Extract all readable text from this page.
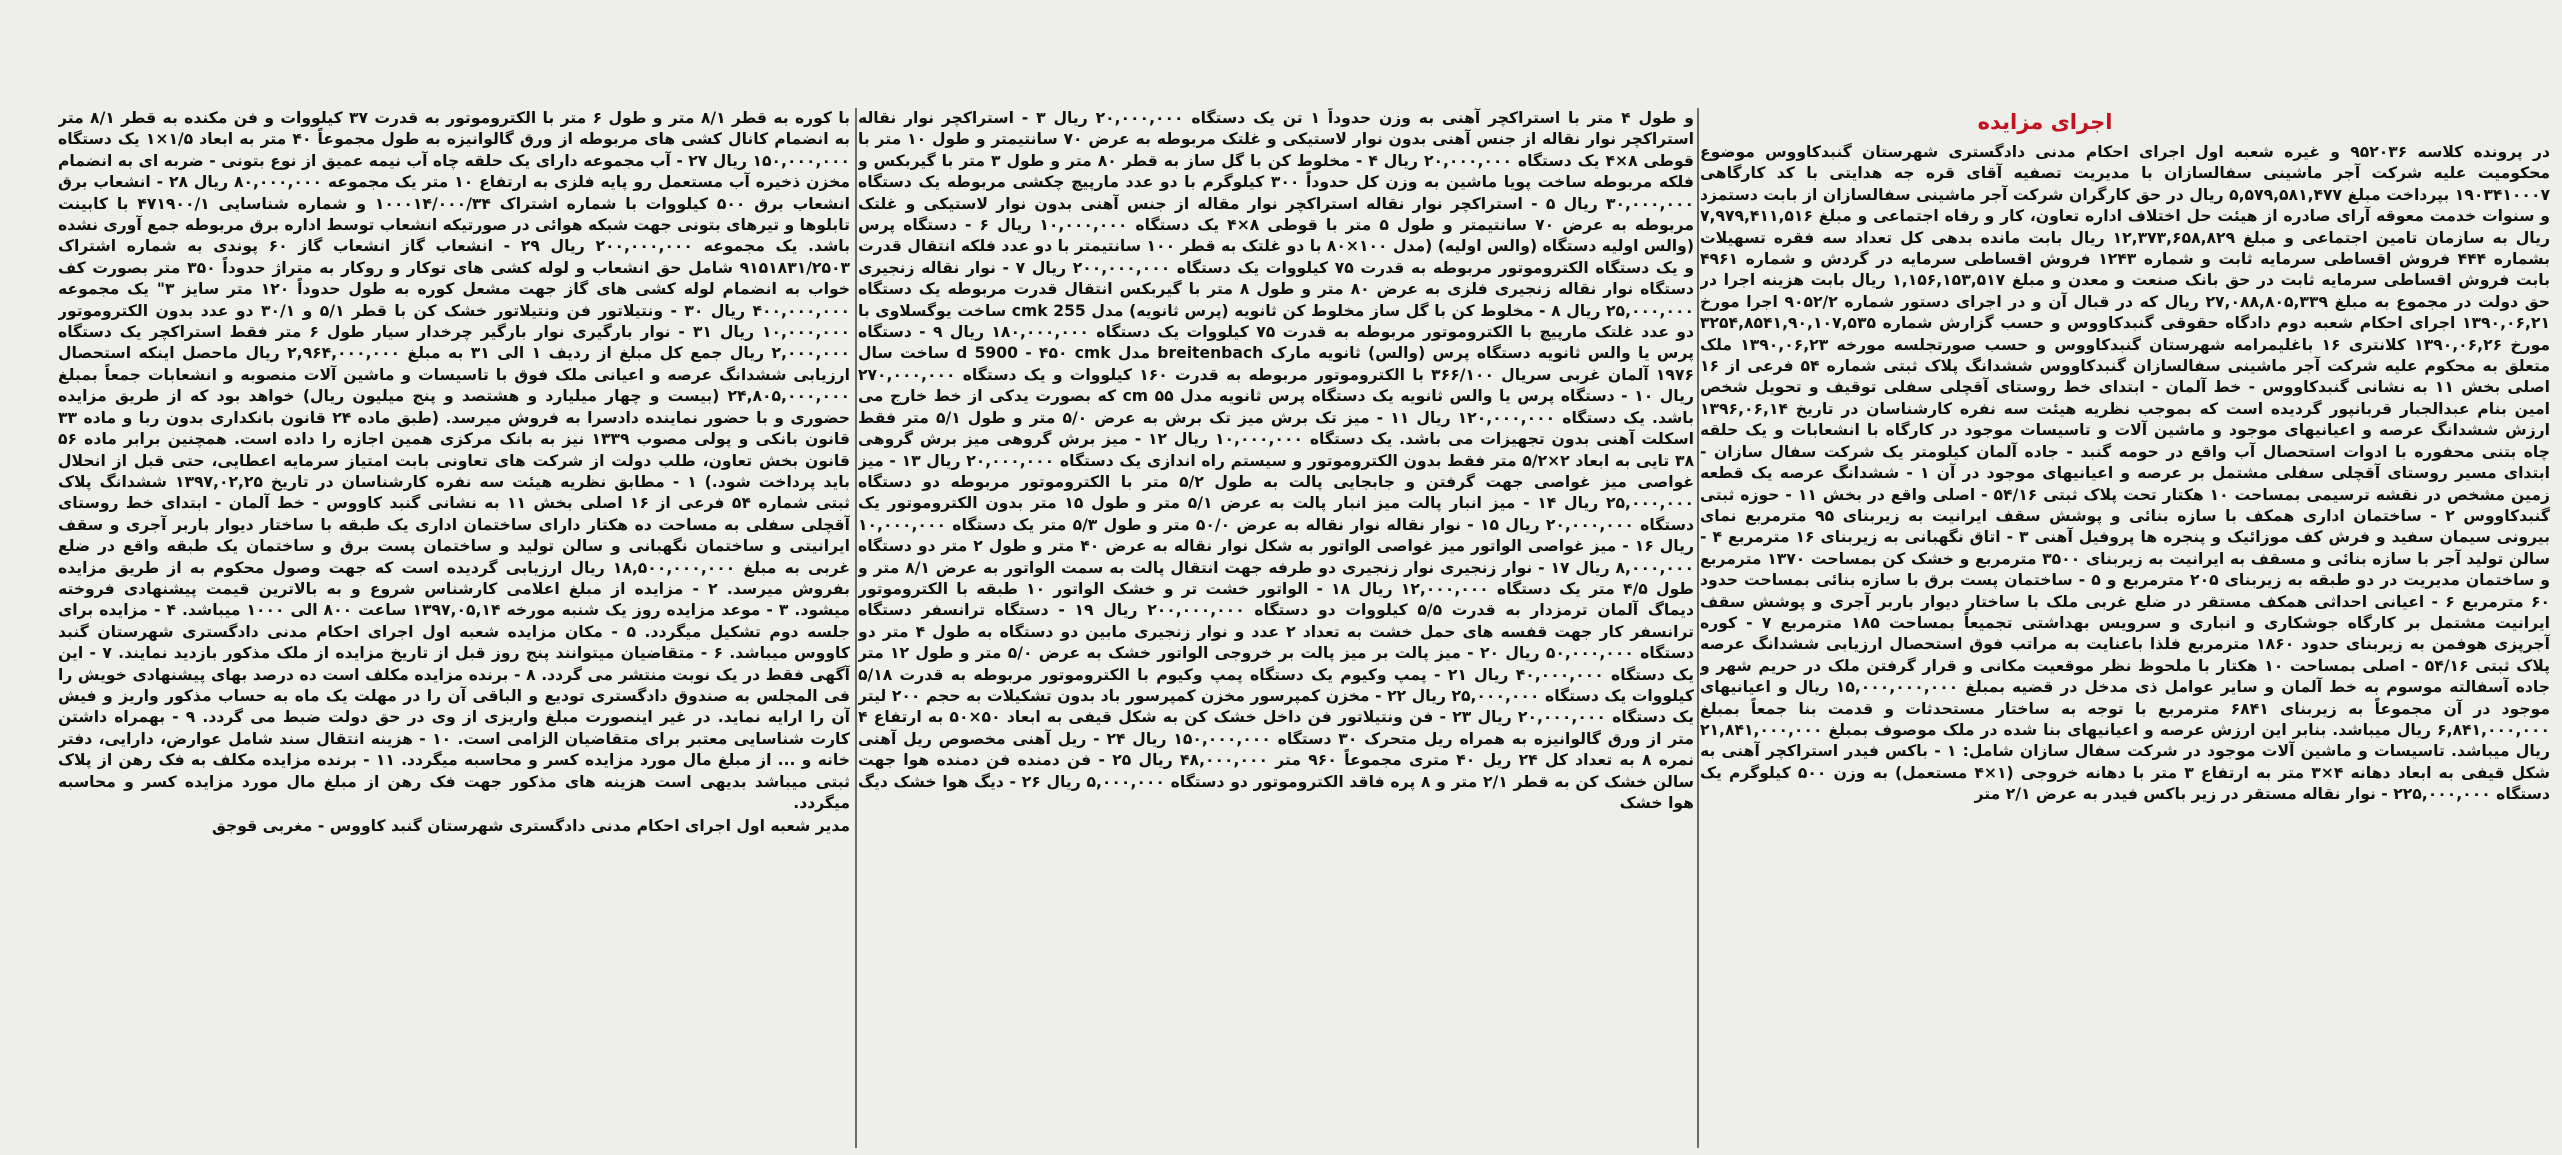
اجرای مزایده
در پرونده کلاسه ۹۵۲۰۳۶ و غیره شعبه اول اجرای احکام مدنی دادگستری شهرستان گنبدکاووس موضوع محکومیت علیه شرکت آجر ماشینی سفالسازان با مدیریت تصفیه آقای قره جه هدایتی با کد کارگاهی ۱۹۰۳۴۱۰۰۰۷ بپرداخت مبلغ ۵,۵۷۹,۵۸۱,۴۷۷ ریال در حق کارگران شرکت آجر ماشینی سفالسازان از بابت دستمزد و سنوات خدمت معوقه آرای صادره از هیئت حل اختلاف اداره تعاون، کار و رفاه اجتماعی و مبلغ ۷,۹۷۹,۴۱۱,۵۱۶ ریال به سازمان تامین اجتماعی و مبلغ ۱۲,۳۷۳,۶۵۸,۸۲۹ ریال بابت مانده بدهی کل تعداد سه فقره تسهیلات بشماره ۴۴۴ فروش اقساطی سرمایه ثابت و شماره ۱۲۴۳ فروش اقساطی سرمایه در گردش و شماره ۴۹۶۱ بابت فروش اقساطی سرمایه ثابت در حق بانک صنعت و معدن و مبلغ ۱,۱۵۶,۱۵۳,۵۱۷ ریال بابت هزینه اجرا در حق دولت در مجموع به مبلغ ۲۷,۰۸۸,۸۰۵,۳۳۹ ریال که در قبال آن و در اجرای دستور شماره ۹۰۵۲/۲ اجرا مورخ ۱۳۹۰,۰۶,۲۱ اجرای احکام شعبه دوم دادگاه حقوقی گنبدکاووس و حسب گزارش شماره ۳۲۵۴,۸۵۴۱,۹۰,۱۰۷,۵۳۵ مورخ ۱۳۹۰,۰۶,۲۶ کلانتری ۱۶ باغلیمرامه شهرستان گنبدکاووس و حسب صورتجلسه مورخه ۱۳۹۰,۰۶,۲۳ ملک متعلق به محکوم علیه شرکت آجر ماشینی سفالسازان گنبدکاووس ششدانگ پلاک ثبتی شماره ۵۴ فرعی از ۱۶ اصلی بخش ۱۱ به نشانی گنبدکاووس - خط آلمان - ابتدای خط روستای آقچلی سفلی توقیف و تحویل شخص امین بنام عبدالجبار قربانپور گردیده است که بموجب نظریه هیئت سه نفره کارشناسان در تاریخ ۱۳۹۶,۰۶,۱۴ ارزش ششدانگ عرصه و اعیانیهای موجود و ماشین آلات و تاسیسات موجود در کارگاه با انشعابات و یک حلقه چاه بتنی محفوره با ادوات استحصال آب واقع در حومه گنبد - جاده آلمان کیلومتر یک شرکت سفال سازان - ابتدای مسیر روستای آقچلی سفلی مشتمل بر عرصه و اعیانیهای موجود در آن ۱ - ششدانگ عرصه یک قطعه زمین مشخص در نقشه ترسیمی بمساحت ۱۰ هکتار تحت پلاک ثبتی ۵۴/۱۶ - اصلی واقع در بخش ۱۱ - حوزه ثبتی گنبدکاووس ۲ - ساختمان اداری همکف با سازه بنائی و پوشش سقف ایرانیت به زیربنای ۹۵ مترمربع نمای بیرونی سیمان سفید و فرش کف موزائیک و پنجره ها پروفیل آهنی ۳ - اتاق نگهبانی به زیربنای ۱۶ مترمربع ۴ - سالن تولید آجر با سازه بنائی و مسقف به ایرانیت به زیربنای ۳۵۰۰ مترمربع و خشک کن بمساحت ۱۳۷۰ مترمربع و ساختمان مدیریت در دو طبقه به زیربنای ۲۰۵ مترمربع و ۵ - ساختمان پست برق با سازه بنائی بمساحت حدود ۶۰ مترمربع ۶ - اعیانی احداثی همکف مستقر در ضلع غربی ملک با ساختار دیوار باربر آجری و پوشش سقف ایرانیت مشتمل بر کارگاه جوشکاری و انباری و سرویس بهداشتی تجمیعاً بمساحت ۱۸۵ مترمربع ۷ - کوره آجرپزی هوفمن به زیربنای حدود ۱۸۶۰ مترمربع فلذا باعنایت به مراتب فوق استحصال ارزیابی ششدانگ عرصه پلاک ثبتی ۵۴/۱۶ - اصلی بمساحت ۱۰ هکتار با ملحوظ نظر موقعیت مکانی و قرار گرفتن ملک در حریم شهر و جاده آسفالته موسوم به خط آلمان و سایر عوامل ذی مدخل در قضیه بمبلغ ۱۵,۰۰۰,۰۰۰,۰۰۰ ریال و اعیانیهای موجود در آن مجموعاً به زیربنای ۶۸۴۱ مترمربع با توجه به ساختار مستحدثات و قدمت بنا جمعاً بمبلغ ۶,۸۴۱,۰۰۰,۰۰۰ ریال میباشد. بنابر این ارزش عرصه و اعیانیهای بنا شده در ملک موصوف بمبلغ ۲۱,۸۴۱,۰۰۰,۰۰۰ ریال میباشد. تاسیسات و ماشین آلات موجود در شرکت سفال سازان شامل: ۱ - باکس فیدر استراکچر آهنی به شکل قیفی به ابعاد دهانه ۴×۳ متر به ارتفاع ۳ متر با دهانه خروجی (۱×۴ مستعمل) به وزن ۵۰۰ کیلوگرم یک دستگاه ۲۲۵,۰۰۰,۰۰۰ - نوار نقاله مستقر در زیر باکس فیدر به عرض ۲/۱ متر
و طول ۴ متر با استراکچر آهنی به وزن حدوداً ۱ تن یک دستگاه ۲۰,۰۰۰,۰۰۰ ریال ۳ - استراکچر نوار نقاله استراکچر نوار نقاله از جنس آهنی بدون نوار لاستیکی و غلتک مربوطه به عرض ۷۰ سانتیمتر و طول ۱۰ متر با قوطی ۸×۴ یک دستگاه ۲۰,۰۰۰,۰۰۰ ریال ۴ - مخلوط کن با گل ساز به قطر ۸۰ متر و طول ۳ متر با گیربکس و فلکه مربوطه ساخت پویا ماشین به وزن کل حدوداً ۳۰۰ کیلوگرم با دو عدد مارپیچ چکشی مربوطه یک دستگاه ۳۰,۰۰۰,۰۰۰ ریال ۵ - استراکچر نوار نقاله استراکچر نوار مقاله از جنس آهنی بدون نوار لاستیکی و غلتک مربوطه به عرض ۷۰ سانتیمتر و طول ۵ متر با قوطی ۸×۴ یک دستگاه ۱۰,۰۰۰,۰۰۰ ریال ۶ - دستگاه پرس (والس اولیه دستگاه (والس اولیه) (مدل ۱۰۰×۸۰ با دو غلتک به قطر ۱۰۰ سانتیمتر با دو عدد فلکه انتقال قدرت و یک دستگاه الکتروموتور مربوطه به قدرت ۷۵ کیلووات یک دستگاه ۲۰۰,۰۰۰,۰۰۰ ریال ۷ - نوار نقاله زنجیری دستگاه نوار نقاله زنجیری فلزی به عرض ۸۰ متر و طول ۸ متر با گیربکس انتقال قدرت مربوطه یک دستگاه ۲۵,۰۰۰,۰۰۰ ریال ۸ - مخلوط کن با گل ساز مخلوط کن ثانویه (پرس ثانویه) مدل cmk 255 ساخت یوگسلاوی با دو عدد غلتک مارپیچ با الکتروموتور مربوطه به قدرت ۷۵ کیلووات یک دستگاه ۱۸۰,۰۰۰,۰۰۰ ریال ۹ - دستگاه پرس یا والس ثانویه دستگاه پرس (والس) ثانویه مارک breitenbach مدل d 5900 - ۴۵۰ cmk ساخت سال ۱۹۷۶ آلمان غربی سریال ۳۶۶/۱۰۰ با الکتروموتور مربوطه به قدرت ۱۶۰ کیلووات و یک دستگاه ۲۷۰,۰۰۰,۰۰۰ ریال ۱۰ - دستگاه پرس یا والس ثانویه یک دستگاه پرس ثانویه مدل cm ۵۵ که بصورت یدکی از خط خارج می باشد. یک دستگاه ۱۲۰,۰۰۰,۰۰۰ ریال ۱۱ - میز تک برش میز تک برش به عرض ۵/۰ متر و طول ۵/۱ متر فقط اسکلت آهنی بدون تجهیزات می باشد. یک دستگاه ۱۰,۰۰۰,۰۰۰ ریال ۱۲ - میز برش گروهی میز برش گروهی ۳۸ تایی به ابعاد ۲×۵/۲ متر فقط بدون الکتروموتور و سیستم راه اندازی یک دستگاه ۲۰,۰۰۰,۰۰۰ ریال ۱۳ - میز غواصی میز غواصی جهت گرفتن و جابجایی پالت به طول ۵/۲ متر با الکتروموتور مربوطه دو دستگاه ۲۵,۰۰۰,۰۰۰ ریال ۱۴ - میز انبار پالت میز انبار پالت به عرض ۵/۱ متر و طول ۱۵ متر بدون الکتروموتور یک دستگاه ۲۰,۰۰۰,۰۰۰ ریال ۱۵ - نوار نقاله نوار نقاله به عرض ۵۰/۰ متر و طول ۵/۳ متر یک دستگاه ۱۰,۰۰۰,۰۰۰ ریال ۱۶ - میز غواصی الواتور میز غواصی الواتور به شکل نوار نقاله به عرض ۴۰ متر و طول ۲ متر دو دستگاه ۸,۰۰۰,۰۰۰ ریال ۱۷ - نوار زنجیری نوار زنجیری دو طرفه جهت انتقال پالت به سمت الواتور به عرض ۸/۱ متر و طول ۴/۵ متر یک دستگاه ۱۲,۰۰۰,۰۰۰ ریال ۱۸ - الواتور خشت تر و خشک الواتور ۱۰ طبقه با الکتروموتور دیماگ آلمان ترمزدار به قدرت ۵/۵ کیلووات دو دستگاه ۲۰۰,۰۰۰,۰۰۰ ریال ۱۹ - دستگاه ترانسفر دستگاه ترانسفر کار جهت قفسه های حمل خشت به تعداد ۲ عدد و نوار زنجیری مابین دو دستگاه به طول ۴ متر دو دستگاه ۵۰,۰۰۰,۰۰۰ ریال ۲۰ - میز پالت بر میز پالت بر خروجی الواتور خشک به عرض ۵/۰ متر و طول ۱۲ متر یک دستگاه ۴۰,۰۰۰,۰۰۰ ریال ۲۱ - پمپ وکیوم یک دستگاه پمپ وکیوم با الکتروموتور مربوطه به قدرت ۵/۱۸ کیلووات یک دستگاه ۲۵,۰۰۰,۰۰۰ ریال ۲۲ - مخزن کمپرسور مخزن کمپرسور باد بدون تشکیلات به حجم ۲۰۰ لیتر یک دستگاه ۲۰,۰۰۰,۰۰۰ ریال ۲۳ - فن ونتیلاتور فن داخل خشک کن به شکل قیفی به ابعاد ۵۰×۵۰ به ارتفاع ۴ متر از ورق گالوانیزه به همراه ریل متحرک ۳۰ دستگاه ۱۵۰,۰۰۰,۰۰۰ ریال ۲۴ - ریل آهنی مخصوص ریل آهنی نمره ۸ به تعداد کل ۲۴ ریل ۴۰ متری مجموعاً ۹۶۰ متر ۴۸,۰۰۰,۰۰۰ ریال ۲۵ - فن دمنده فن دمنده هوا جهت سالن خشک کن به قطر ۲/۱ متر و ۸ پره فاقد الکتروموتور دو دستگاه ۵,۰۰۰,۰۰۰ ریال ۲۶ - دیگ هوا خشک دیگ هوا خشک
با کوره به قطر ۸/۱ متر و طول ۶ متر با الکتروموتور به قدرت ۳۷ کیلووات و فن مکنده به قطر ۸/۱ متر به انضمام کانال کشی های مربوطه از ورق گالوانیزه به طول مجموعاً ۴۰ متر به ابعاد ۱/۵×۱ یک دستگاه ۱۵۰,۰۰۰,۰۰۰ ریال ۲۷ - آب مجموعه دارای یک حلقه چاه آب نیمه عمیق از نوع بتونی - ضربه ای به انضمام مخزن ذخیره آب مستعمل رو پایه فلزی به ارتفاع ۱۰ متر یک مجموعه ۸۰,۰۰۰,۰۰۰ ریال ۲۸ - انشعاب برق انشعاب برق ۵۰۰ کیلووات با شماره اشتراک ۱۰۰۰۱۴/۰۰۰/۳۴ و شماره شناسایی ۴۷۱۹۰۰/۱ با کابینت تابلوها و تیرهای بتونی جهت شبکه هوائی در صورتیکه انشعاب توسط اداره برق مربوطه جمع آوری نشده باشد. یک مجموعه ۲۰۰,۰۰۰,۰۰۰ ریال ۲۹ - انشعاب گاز انشعاب گاز ۶۰ پوندی به شماره اشتراک ۹۱۵۱۸۳۱/۲۵۰۳ شامل حق انشعاب و لوله کشی های توکار و روکار به متراژ حدوداً ۳۵۰ متر بصورت کف خواب به انضمام لوله کشی های گاز جهت مشعل کوره به طول حدوداً ۱۲۰ متر سایز ۳" یک مجموعه ۴۰۰,۰۰۰,۰۰۰ ریال ۳۰ - ونتیلاتور فن ونتیلاتور خشک کن با قطر ۵/۱ و ۳۰/۱ دو عدد بدون الکتروموتور ۱۰,۰۰۰,۰۰۰ ریال ۳۱ - نوار بارگیری نوار بارگیر چرخدار سیار طول ۶ متر فقط استراکچر یک دستگاه ۲,۰۰۰,۰۰۰ ریال جمع کل مبلغ از ردیف ۱ الی ۳۱ به مبلغ ۲,۹۶۴,۰۰۰,۰۰۰ ریال ماحصل اینکه استحصال ارزیابی ششدانگ عرصه و اعیانی ملک فوق با تاسیسات و ماشین آلات منصوبه و انشعابات جمعاً بمبلغ ۲۴,۸۰۵,۰۰۰,۰۰۰ (بیست و چهار میلیارد و هشتصد و پنج میلیون ریال) خواهد بود که از طریق مزایده حضوری و با حضور نماینده دادسرا به فروش میرسد. (طبق ماده ۲۴ قانون بانکداری بدون ربا و ماده ۳۳ قانون بانکی و پولی مصوب ۱۳۳۹ نیز به بانک مرکزی همین اجازه را داده است. همچنین برابر ماده ۵۶ قانون بخش تعاون، طلب دولت از شرکت های تعاونی بابت امتیاز سرمایه اعطایی، حتی قبل از انحلال باید پرداخت شود.) ۱ - مطابق نظریه هیئت سه نفره کارشناسان در تاریخ ۱۳۹۷,۰۲,۲۵ ششدانگ پلاک ثبتی شماره ۵۴ فرعی از ۱۶ اصلی بخش ۱۱ به نشانی گنبد کاووس - خط آلمان - ابتدای خط روستای آقچلی سفلی به مساحت ده هکتار دارای ساختمان اداری یک طبقه با ساختار دیوار باربر آجری و سقف ایرانیتی و ساختمان نگهبانی و سالن تولید و ساختمان پست برق و ساختمان یک طبقه واقع در ضلع غربی به مبلغ ۱۸,۵۰۰,۰۰۰,۰۰۰ ریال ارزیابی گردیده است که جهت وصول محکوم به از طریق مزایده بفروش میرسد. ۲ - مزایده از مبلغ اعلامی کارشناس شروع و به بالاترین قیمت پیشنهادی فروخته میشود. ۳ - موعد مزایده روز یک شنبه مورخه ۱۳۹۷,۰۵,۱۴ ساعت ۸۰۰ الی ۱۰۰۰ میباشد. ۴ - مزایده برای جلسه دوم تشکیل میگردد. ۵ - مکان مزایده شعبه اول اجرای احکام مدنی دادگستری شهرستان گنبد کاووس میباشد. ۶ - متقاضیان میتوانند پنج روز قبل از تاریخ مزایده از ملک مذکور بازدید نمایند. ۷ - این آگهی فقط در یک نوبت منتشر می گردد. ۸ - برنده مزایده مکلف است ده درصد بهای پیشنهادی خویش را فی المجلس به صندوق دادگستری تودیع و الباقی آن را در مهلت یک ماه به حساب مذکور واریز و فیش آن را ارایه نماید. در غیر اینصورت مبلغ واریزی از وی در حق دولت ضبط می گردد. ۹ - بهمراه داشتن کارت شناسایی معتبر برای متقاضیان الزامی است. ۱۰ - هزینه انتقال سند شامل عوارض، دارایی، دفتر خانه و ... از مبلغ مال مورد مزایده کسر و محاسبه میگردد. ۱۱ - برنده مزایده مکلف به فک رهن از پلاک ثبتی میباشد بدیهی است هزینه های مذکور جهت فک رهن از مبلغ مال مورد مزایده کسر و محاسبه میگردد.
مدیر شعبه اول اجرای احکام مدنی دادگستری شهرستان گنبد کاووس - مغربی قوجق
